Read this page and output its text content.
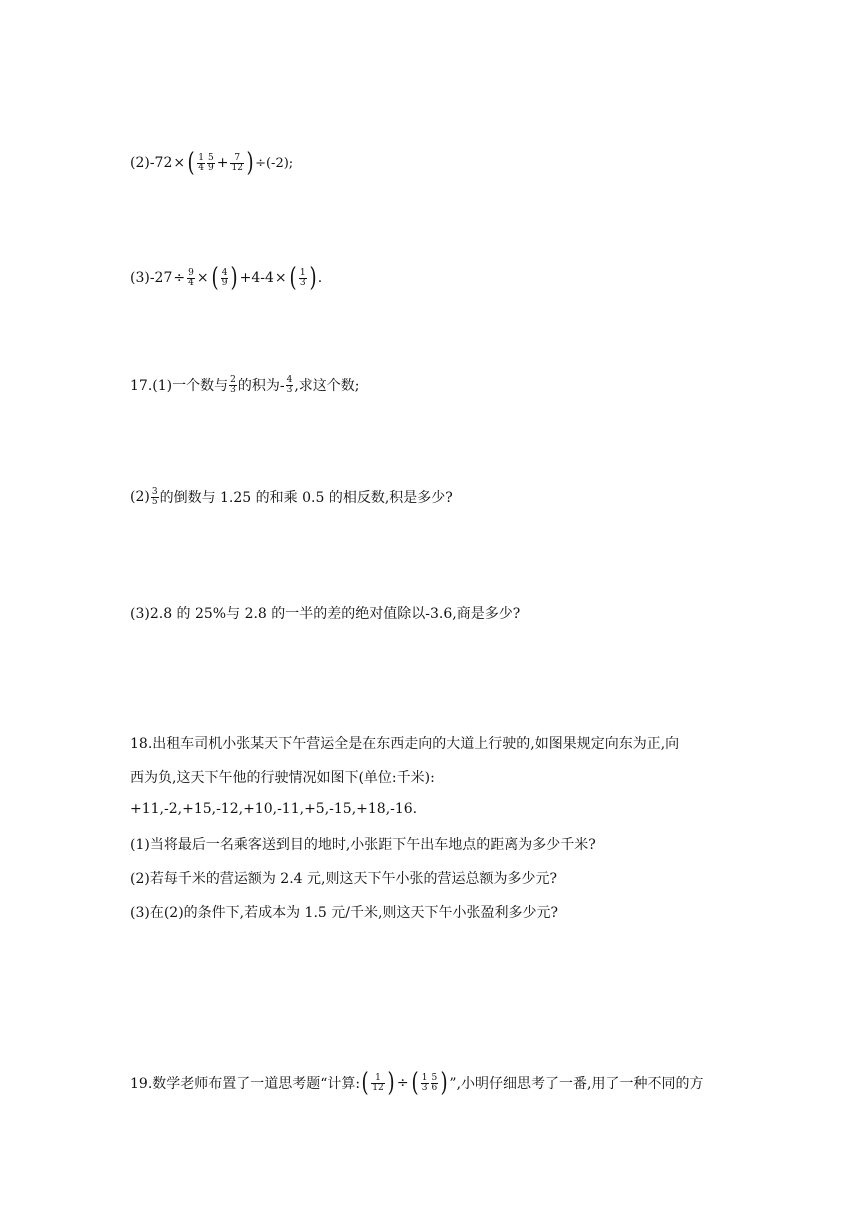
(2)-72 × ( $\frac{1}{4} \frac{5}{9} + \frac{7}{12}$ ) ÷(-2);
$(3)-27 \div \frac{9}{4}$ × ( $\frac{4}{9}$ ) +4-4 × ( $\frac{1}{3}$ ) .
17.(1)一个数与 $\frac{2}{3}$ 的积为- $\frac{4}{3}$ ,求这个数;
$(2) \frac{3}{5}$ 的倒数与 1.25 的和乘 0.5 的相反数,积是多少?
(3)2.8 的 25%与 2.8 的一半的差的绝对值除以-3.6,商是多少?
18.出租车司机小张某天下午营运全是在东西走向的大道上行驶的,如图果规定向东为正,向
西为负,这天下午他的行驶情况如图下(单位:千米):
+11,-2,+15,-12,+10,-11,+5,-15,+18,-16.
(1)当将最后一名乘客送到目的地时,小张距下午出车地点的距离为多少千米?
(2)若每千米的营运额为 2.4 元,则这天下午小张的营运总额为多少元?
(3)在(2)的条件下,若成本为 1.5 元/千米,则这天下午小张盈利多少元?
19.数学老师布置了一道思考题“计算: ( $\frac{1}{12}$ ) ÷ ( $\frac{1}{3} \frac{5}{6}$ ) ”,小明仔细思考了一番,用了一种不同的方
